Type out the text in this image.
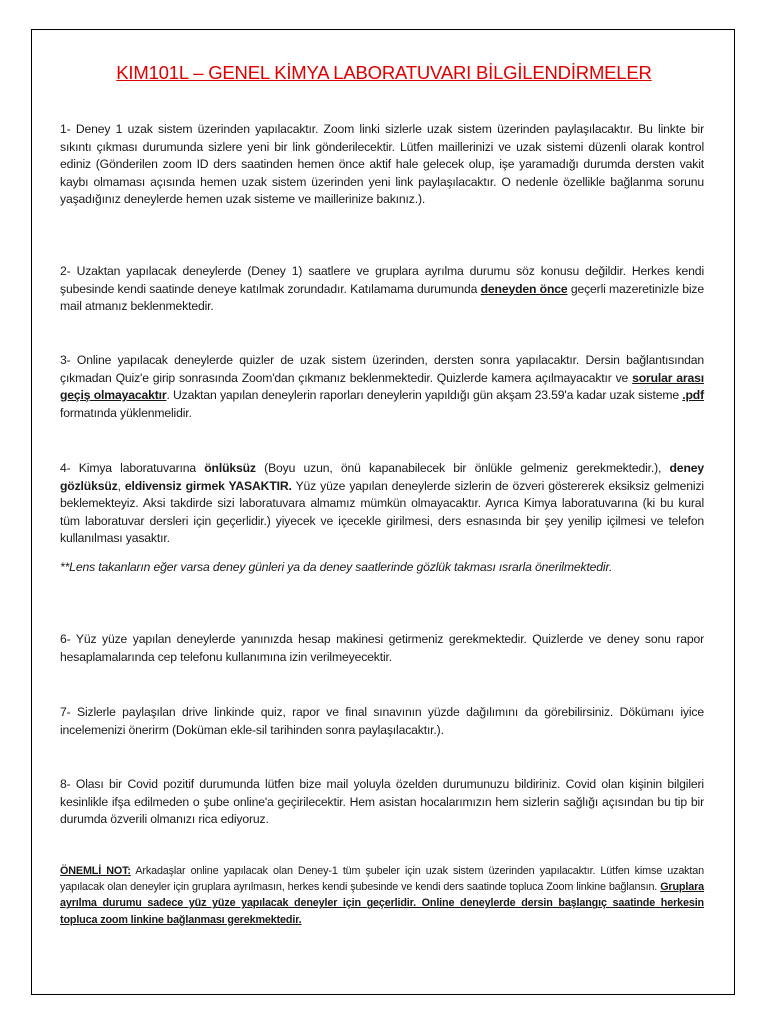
KIM101L – GENEL KİMYA LABORATUVARI BİLGİLENDİRMELER

1- Deney 1 uzak sistem üzerinden yapılacaktır. Zoom linki sizlerle uzak sistem üzerinden paylaşılacaktır. Bu linkte bir sıkıntı çıkması durumunda sizlere yeni bir link gönderilecektir. Lütfen maillerinizi ve uzak sistemi düzenli olarak kontrol ediniz (Gönderilen zoom ID ders saatinden hemen önce aktif hale gelecek olup, işe yaramadığı durumda dersten vakit kaybı olmaması açısında hemen uzak sistem üzerinden yeni link paylaşılacaktır. O nedenle özellikle bağlanma sorunu yaşadığınız deneylerde hemen uzak sisteme ve maillerinize bakınız.).

2- Uzaktan yapılacak deneylerde (Deney 1) saatlere ve gruplara ayrılma durumu söz konusu değildir. Herkes kendi şubesinde kendi saatinde deneye katılmak zorundadır. Katılamama durumunda deneyden önce geçerli mazeretinizle bize mail atmanız beklenmektedir.

3- Online yapılacak deneylerde quizler de uzak sistem üzerinden, dersten sonra yapılacaktır. Dersin bağlantısından çıkmadan Quiz'e girip sonrasında Zoom'dan çıkmanız beklenmektedir. Quizlerde kamera açılmayacaktır ve sorular arası geçiş olmayacaktır. Uzaktan yapılan deneylerin raporları deneylerin yapıldığı gün akşam 23.59'a kadar uzak sisteme .pdf formatında yüklenmelidir.

4- Kimya laboratuvarına önlüksüz (Boyu uzun, önü kapanabilecek bir önlükle gelmeniz gerekmektedir.), deney gözlüksüz, eldivensiz girmek YASAKTIR. Yüz yüze yapılan deneylerde sizlerin de özveri göstererek eksiksiz gelmenizi beklemekteyiz. Aksi takdirde sizi laboratuvara almamız mümkün olmayacaktır. Ayrıca Kimya laboratuvarına (ki bu kural tüm laboratuvar dersleri için geçerlidir.) yiyecek ve içecekle girilmesi, ders esnasında bir şey yenilip içilmesi ve telefon kullanılması yasaktır.

**Lens takanların eğer varsa deney günleri ya da deney saatlerinde gözlük takması ısrarla önerilmektedir.

6- Yüz yüze yapılan deneylerde yanınızda hesap makinesi getirmeniz gerekmektedir. Quizlerde ve deney sonu rapor hesaplamalarında cep telefonu kullanımına izin verilmeyecektir.

7- Sizlerle paylaşılan drive linkinde quiz, rapor ve final sınavının yüzde dağılımını da görebilirsiniz. Dökümanı iyice incelemenizi önerirm (Doküman ekle-sil tarihinden sonra paylaşılacaktır.).

8- Olası bir Covid pozitif durumunda lütfen bize mail yoluyla özelden durumunuzu bildiriniz. Covid olan kişinin bilgileri kesinlikle ifşa edilmeden o şube online'a geçirilecektir. Hem asistan hocalarımızın hem sizlerin sağlığı açısından bu tip bir durumda özverili olmanızı rica ediyoruz.

ÖNEMLİ NOT: Arkadaşlar online yapılacak olan Deney-1 tüm şubeler için uzak sistem üzerinden yapılacaktır. Lütfen kimse uzaktan yapılacak olan deneyler için gruplara ayrılmasın, herkes kendi şubesinde ve kendi ders saatinde topluca Zoom linkine bağlansın. Gruplara ayrılma durumu sadece yüz yüze yapılacak deneyler için geçerlidir. Online deneylerde dersin başlangıç saatinde herkesin topluca zoom linkine bağlanması gerekmektedir.
